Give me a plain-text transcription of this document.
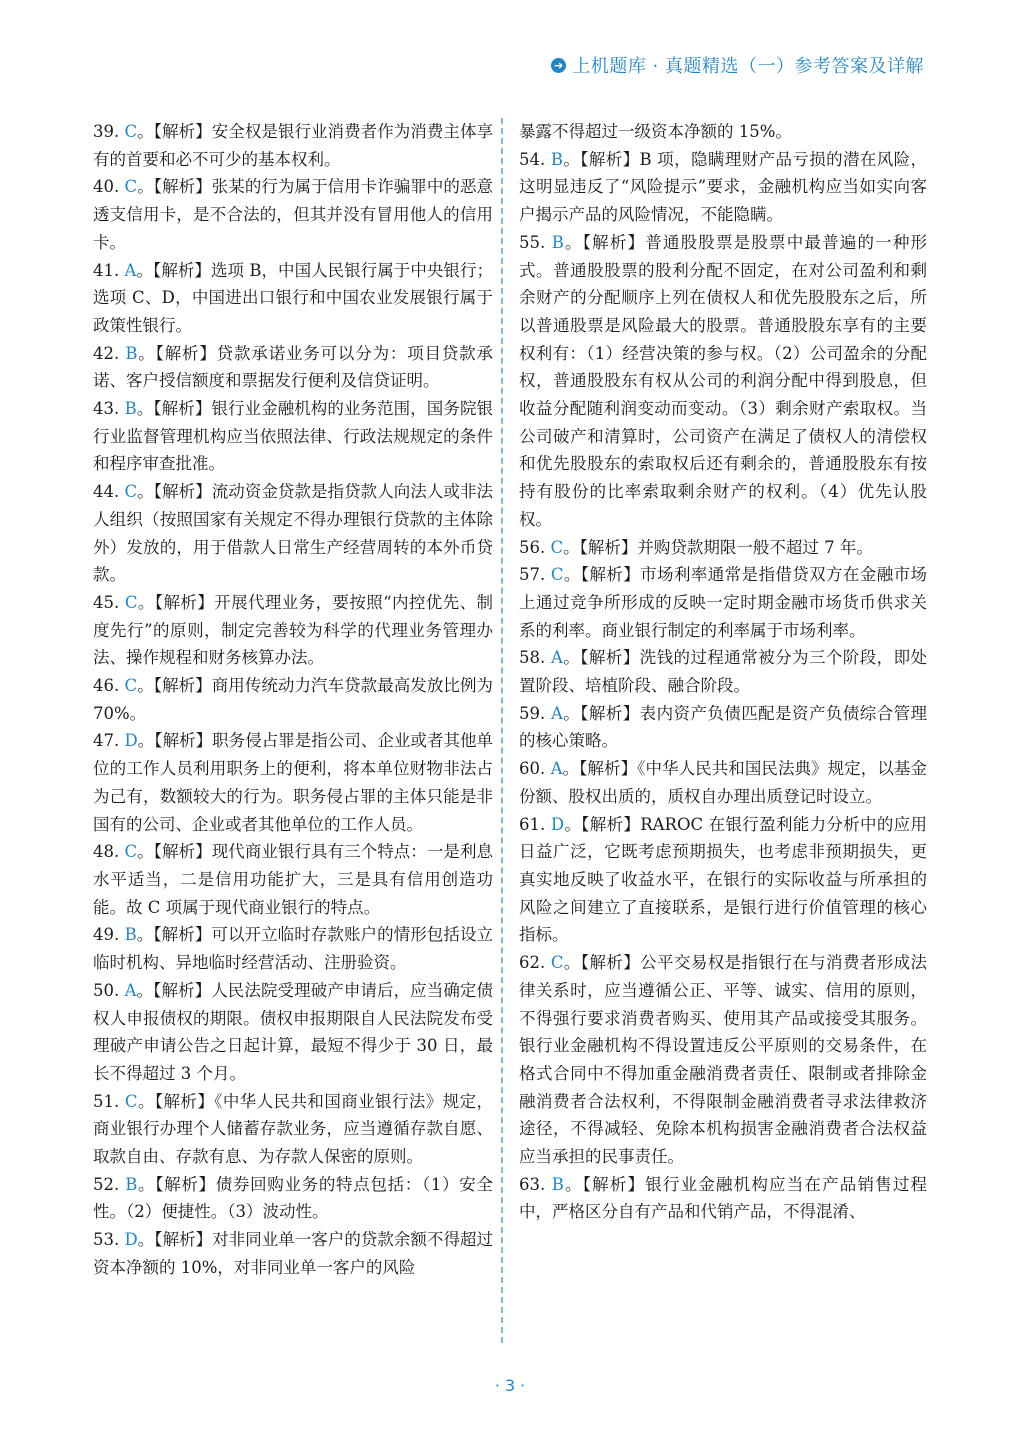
➜ 上机题库 · 真题精选（一）参考答案及详解

39. C。【解析】安全权是银行业消费者作为消费主体享有的首要和必不可少的基本权利。

40. C。【解析】张某的行为属于信用卡诈骗罪中的恶意透支信用卡，是不合法的，但其并没有冒用他人的信用卡。

41. A。【解析】选项 B，中国人民银行属于中央银行；选项 C、D，中国进出口银行和中国农业发展银行属于政策性银行。

42. B。【解析】贷款承诺业务可以分为：项目贷款承诺、客户授信额度和票据发行便利及信贷证明。

43. B。【解析】银行业金融机构的业务范围，国务院银行业监督管理机构应当依照法律、行政法规规定的条件和程序审查批准。

44. C。【解析】流动资金贷款是指贷款人向法人或非法人组织（按照国家有关规定不得办理银行贷款的主体除外）发放的，用于借款人日常生产经营周转的本外币贷款。

45. C。【解析】开展代理业务，要按照“内控优先、制度先行”的原则，制定完善较为科学的代理业务管理办法、操作规程和财务核算办法。

46. C。【解析】商用传统动力汽车贷款最高发放比例为 70%。

47. D。【解析】职务侵占罪是指公司、企业或者其他单位的工作人员利用职务上的便利，将本单位财物非法占为己有，数额较大的行为。职务侵占罪的主体只能是非国有的公司、企业或者其他单位的工作人员。

48. C。【解析】现代商业银行具有三个特点：一是利息水平适当，二是信用功能扩大，三是具有信用创造功能。故 C 项属于现代商业银行的特点。

49. B。【解析】可以开立临时存款账户的情形包括设立临时机构、异地临时经营活动、注册验资。

50. A。【解析】人民法院受理破产申请后，应当确定债权人申报债权的期限。债权申报期限自人民法院发布受理破产申请公告之日起计算，最短不得少于 30 日，最长不得超过 3 个月。

51. C。【解析】《中华人民共和国商业银行法》规定，商业银行办理个人储蓄存款业务，应当遵循存款自愿、取款自由、存款有息、为存款人保密的原则。

52. B。【解析】债券回购业务的特点包括：（1）安全性。（2）便捷性。（3）波动性。

53. D。【解析】对非同业单一客户的贷款余额不得超过资本净额的 10%，对非同业单一客户的风险

暴露不得超过一级资本净额的 15%。

54. B。【解析】B 项，隐瞒理财产品亏损的潜在风险，这明显违反了“风险提示”要求，金融机构应当如实向客户揭示产品的风险情况，不能隐瞒。

55. B。【解析】普通股股票是股票中最普遍的一种形式。普通股股票的股利分配不固定，在对公司盈利和剩余财产的分配顺序上列在债权人和优先股股东之后，所以普通股票是风险最大的股票。普通股股东享有的主要权利有：（1）经营决策的参与权。（2）公司盈余的分配权，普通股股东有权从公司的利润分配中得到股息，但收益分配随利润变动而变动。（3）剩余财产索取权。当公司破产和清算时，公司资产在满足了债权人的清偿权和优先股股东的索取权后还有剩余的，普通股股东有按持有股份的比率索取剩余财产的权利。（4）优先认股权。

56. C。【解析】并购贷款期限一般不超过 7 年。

57. C。【解析】市场利率通常是指借贷双方在金融市场上通过竞争所形成的反映一定时期金融市场货币供求关系的利率。商业银行制定的利率属于市场利率。

58. A。【解析】洗钱的过程通常被分为三个阶段，即处置阶段、培植阶段、融合阶段。

59. A。【解析】表内资产负债匹配是资产负债综合管理的核心策略。

60. A。【解析】《中华人民共和国民法典》规定，以基金份额、股权出质的，质权自办理出质登记时设立。

61. D。【解析】RAROC 在银行盈利能力分析中的应用日益广泛，它既考虑预期损失，也考虑非预期损失，更真实地反映了收益水平，在银行的实际收益与所承担的风险之间建立了直接联系，是银行进行价值管理的核心指标。

62. C。【解析】公平交易权是指银行在与消费者形成法律关系时，应当遵循公正、平等、诚实、信用的原则，不得强行要求消费者购买、使用其产品或接受其服务。银行业金融机构不得设置违反公平原则的交易条件，在格式合同中不得加重金融消费者责任、限制或者排除金融消费者合法权利，不得限制金融消费者寻求法律救济途径，不得减轻、免除本机构损害金融消费者合法权益应当承担的民事责任。

63. B。【解析】银行业金融机构应当在产品销售过程中，严格区分自有产品和代销产品，不得混淆、

· 3 ·
